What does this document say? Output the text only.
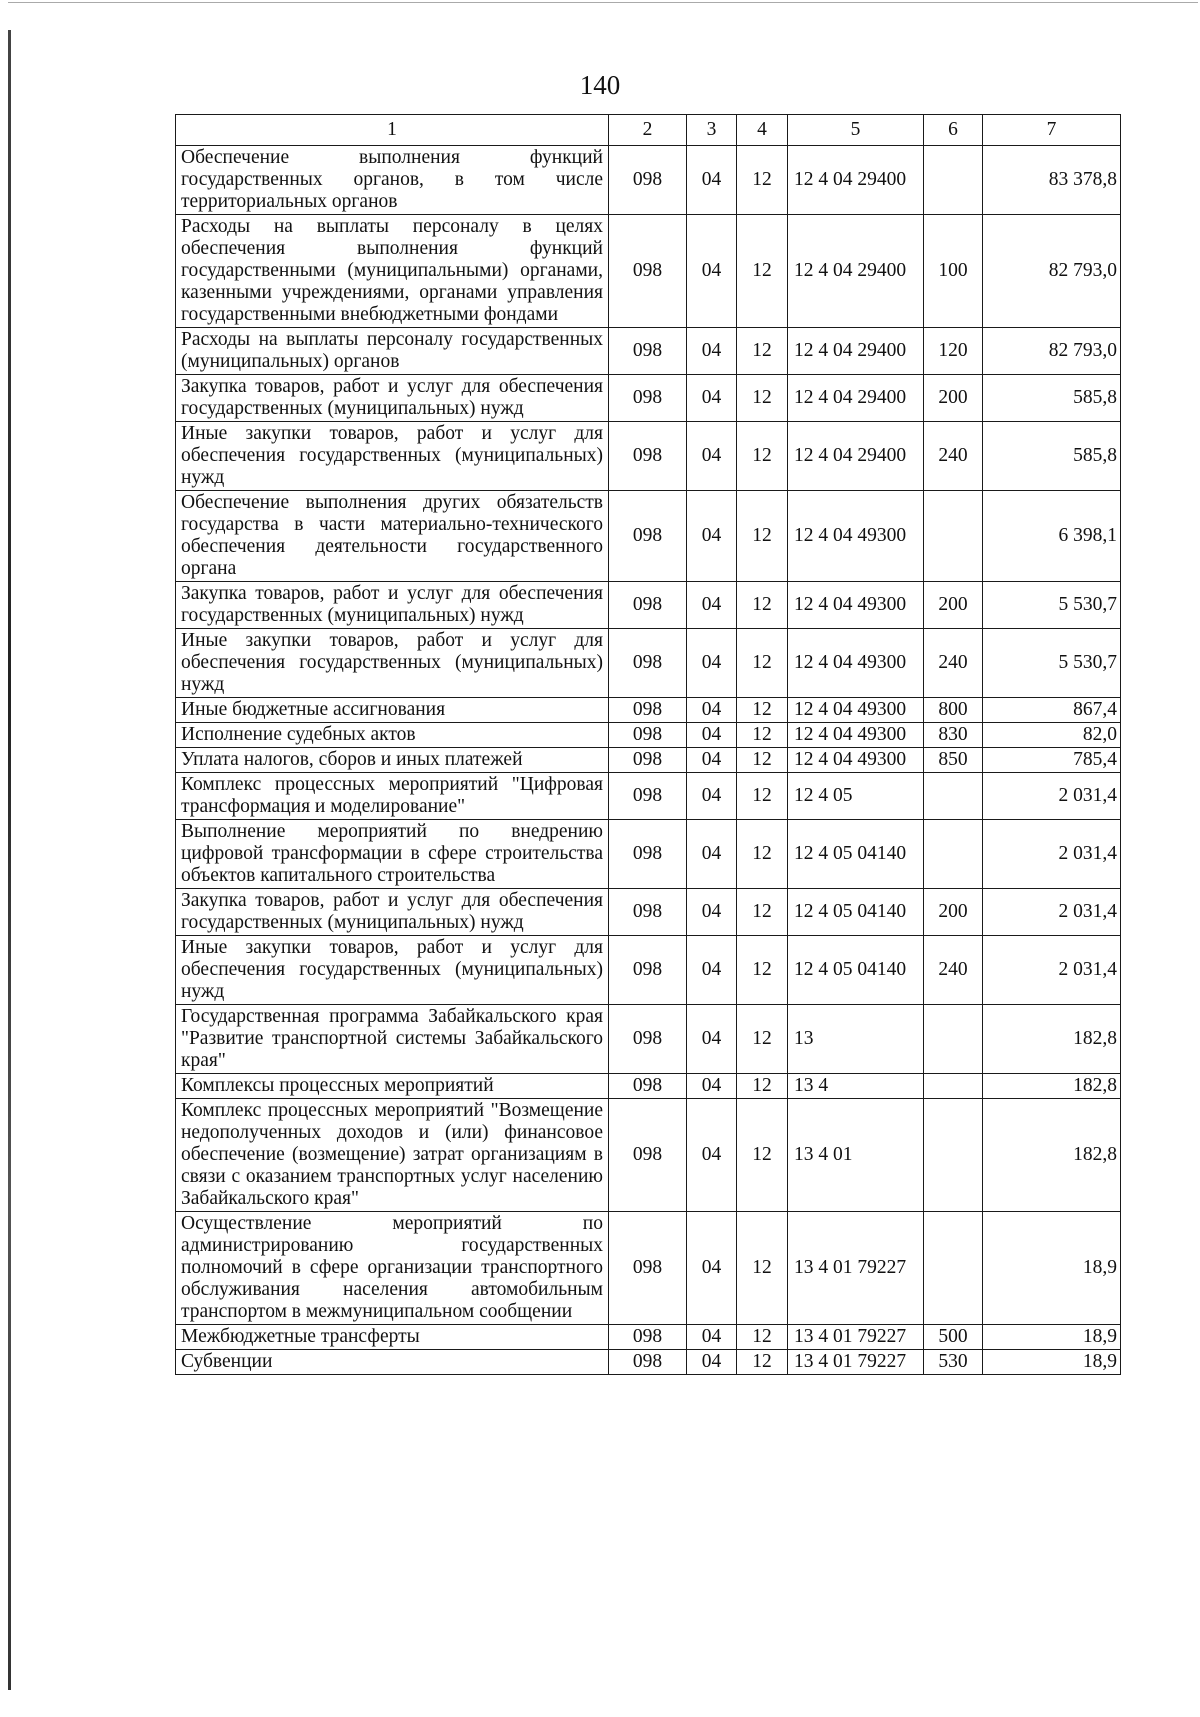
140
1	2	3	4	5	6	7
Обеспечение выполнения функций государственных органов, в том числе территориальных органов	098	04	12	12 4 04 29400		83 378,8
Расходы на выплаты персоналу в целях обеспечения выполнения функций государственными (муниципальными) органами, казенными учреждениями, органами управления государственными внебюджетными фондами	098	04	12	12 4 04 29400	100	82 793,0
Расходы на выплаты персоналу государственных (муниципальных) органов	098	04	12	12 4 04 29400	120	82 793,0
Закупка товаров, работ и услуг для обеспечения государственных (муниципальных) нужд	098	04	12	12 4 04 29400	200	585,8
Иные закупки товаров, работ и услуг для обеспечения государственных (муниципальных) нужд	098	04	12	12 4 04 29400	240	585,8
Обеспечение выполнения других обязательств государства в части материально-технического обеспечения деятельности государственного органа	098	04	12	12 4 04 49300		6 398,1
Закупка товаров, работ и услуг для обеспечения государственных (муниципальных) нужд	098	04	12	12 4 04 49300	200	5 530,7
Иные закупки товаров, работ и услуг для обеспечения государственных (муниципальных) нужд	098	04	12	12 4 04 49300	240	5 530,7
Иные бюджетные ассигнования	098	04	12	12 4 04 49300	800	867,4
Исполнение судебных актов	098	04	12	12 4 04 49300	830	82,0
Уплата налогов, сборов и иных платежей	098	04	12	12 4 04 49300	850	785,4
Комплекс процессных мероприятий "Цифровая трансформация и моделирование"	098	04	12	12 4 05		2 031,4
Выполнение мероприятий по внедрению цифровой трансформации в сфере строительства объектов капитального строительства	098	04	12	12 4 05 04140		2 031,4
Закупка товаров, работ и услуг для обеспечения государственных (муниципальных) нужд	098	04	12	12 4 05 04140	200	2 031,4
Иные закупки товаров, работ и услуг для обеспечения государственных (муниципальных) нужд	098	04	12	12 4 05 04140	240	2 031,4
Государственная программа Забайкальского края "Развитие транспортной системы Забайкальского края"	098	04	12	13		182,8
Комплексы процессных мероприятий	098	04	12	13 4		182,8
Комплекс процессных мероприятий "Возмещение недополученных доходов и (или) финансовое обеспечение (возмещение) затрат организациям в связи с оказанием транспортных услуг населению Забайкальского края"	098	04	12	13 4 01		182,8
Осуществление мероприятий по администрированию государственных полномочий в сфере организации транспортного обслуживания населения автомобильным транспортом в межмуниципальном сообщении	098	04	12	13 4 01 79227		18,9
Межбюджетные трансферты	098	04	12	13 4 01 79227	500	18,9
Субвенции	098	04	12	13 4 01 79227	530	18,9
